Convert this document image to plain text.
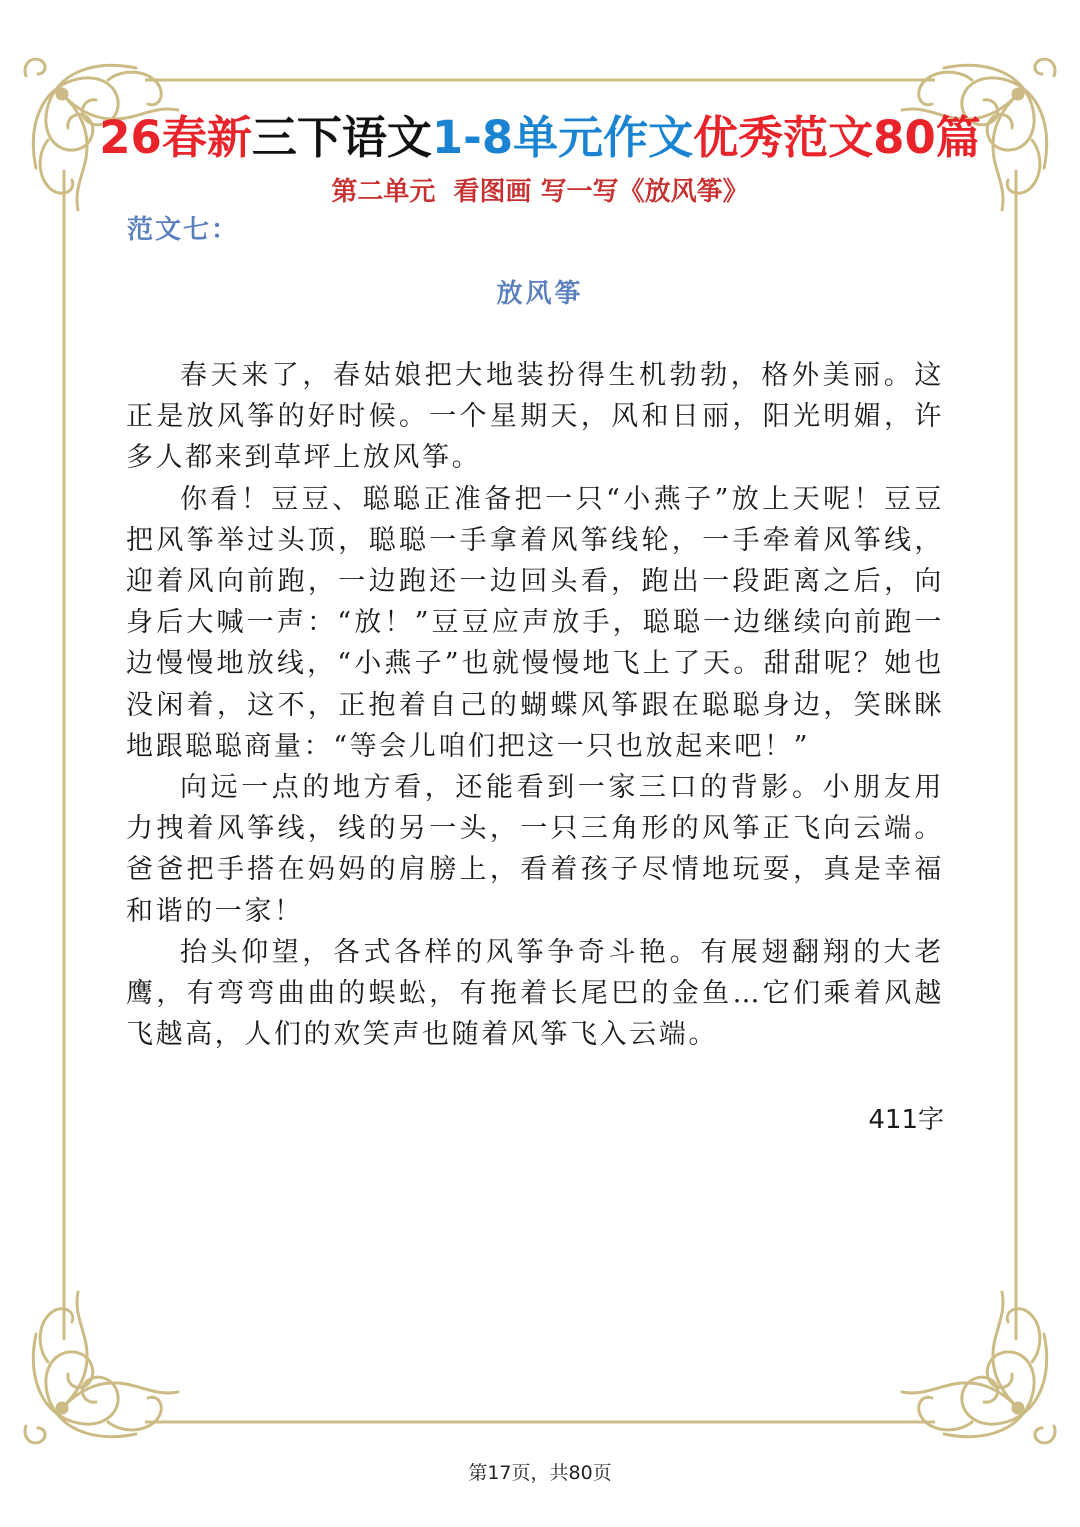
26春新三下语文1-8单元作文优秀范文80篇
第二单元  看图画 写一写《放风筝》
范文七：
放风筝

春天来了，春姑娘把大地装扮得生机勃勃，格外美丽。这正是放风筝的好时候。一个星期天，风和日丽，阳光明媚，许多人都来到草坪上放风筝。

你看！豆豆、聪聪正准备把一只“小燕子”放上天呢！豆豆把风筝举过头顶，聪聪一手拿着风筝线轮，一手牵着风筝线，迎着风向前跑，一边跑还一边回头看，跑出一段距离之后，向身后大喊一声：“放！”豆豆应声放手，聪聪一边继续向前跑一边慢慢地放线，“小燕子”也就慢慢地飞上了天。甜甜呢？她也没闲着，这不，正抱着自己的蝴蝶风筝跟在聪聪身边，笑眯眯地跟聪聪商量：“等会儿咱们把这一只也放起来吧！”

向远一点的地方看，还能看到一家三口的背影。小朋友用力拽着风筝线，线的另一头，一只三角形的风筝正飞向云端。爸爸把手搭在妈妈的肩膀上，看着孩子尽情地玩耍，真是幸福和谐的一家！

抬头仰望，各式各样的风筝争奇斗艳。有展翅翻翔的大老鹰，有弯弯曲曲的蜈蚣，有拖着长尾巴的金鱼…它们乘着风越飞越高，人们的欢笑声也随着风筝飞入云端。

411字
第17页，共80页
